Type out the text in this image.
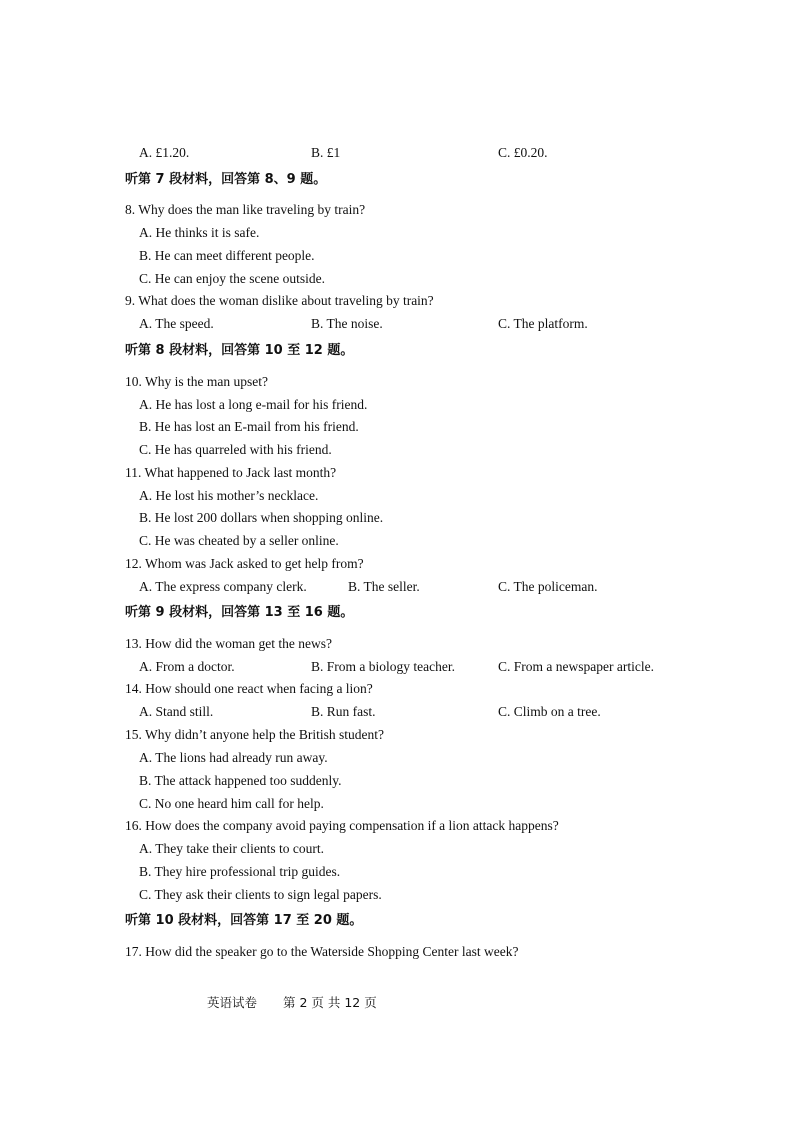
A. £1.20.	B. £1	C. £0.20.
听第 7 段材料，回答第 8、9 题。
8. Why does the man like traveling by train?
A. He thinks it is safe.
B. He can meet different people.
C. He can enjoy the scene outside.
9. What does the woman dislike about traveling by train?
A. The speed.	B. The noise.	C. The platform.
听第 8 段材料，回答第 10 至 12 题。
10. Why is the man upset?
A. He has lost a long e-mail for his friend.
B. He has lost an E-mail from his friend.
C. He has quarreled with his friend.
11. What happened to Jack last month?
A. He lost his mother’s necklace.
B. He lost 200 dollars when shopping online.
C. He was cheated by a seller online.
12. Whom was Jack asked to get help from?
A. The express company clerk.	B. The seller.	C. The policeman.
听第 9 段材料，回答第 13 至 16 题。
13. How did the woman get the news?
A. From a doctor.	B. From a biology teacher.	C. From a newspaper article.
14. How should one react when facing a lion?
A. Stand still.	B. Run fast.	C. Climb on a tree.
15. Why didn’t anyone help the British student?
A. The lions had already run away.
B. The attack happened too suddenly.
C. No one heard him call for help.
16. How does the company avoid paying compensation if a lion attack happens?
A. They take their clients to court.
B. They hire professional trip guides.
C. They ask their clients to sign legal papers.
听第 10 段材料，回答第 17 至 20 题。
17. How did the speaker go to the Waterside Shopping Center last week?
英语试卷 第 2 页 共 12 页
